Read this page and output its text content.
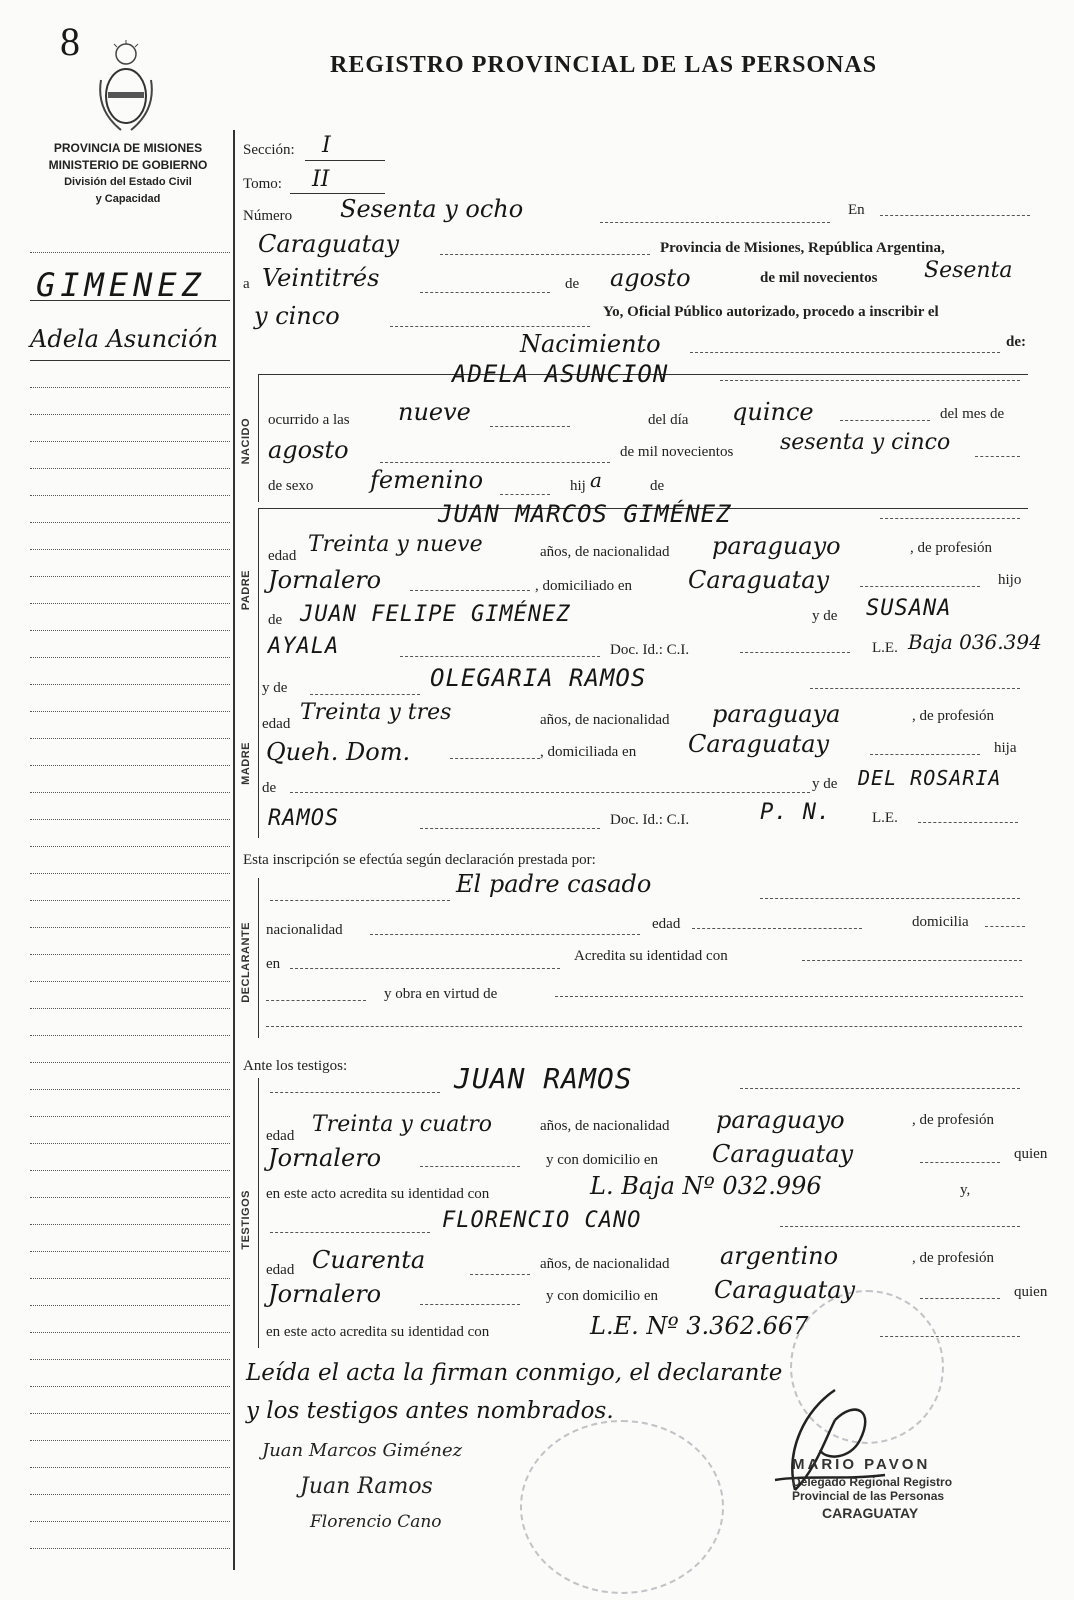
8
REGISTRO PROVINCIAL DE LAS PERSONAS
PROVINCIA DE MISIONES
MINISTERIO DE GOBIERNO
División del Estado Civil
y Capacidad
GIMENEZ
Adela Asunción
Sección: I
Tomo: II
Número Sesenta y ocho	En
Caraguatay	Provincia de Misiones, República Argentina,
a Veintitrés	de agosto	de mil novecientos Sesenta
y cinco	Yo, Oficial Público autorizado, procedo a inscribir el
Nacimiento	de:
NACIDO
ADELA ASUNCION
ocurrido a las nueve	del día quince	del mes de
agosto	de mil novecientos sesenta y cinco
de sexo femenino	hij a	de
PADRE
JUAN MARCOS GIMÉNEZ
edad Treinta y nueve	años, de nacionalidad paraguayo	, de profesión
Jornalero	, domiciliado en Caraguatay	hijo
de JUAN FELIPE GIMÉNEZ	y de SUSANA
AYALA	Doc. Id.: C.I.	L.E. Baja 036.394
MADRE
y de	OLEGARIA RAMOS
edad Treinta y tres	años, de nacionalidad paraguaya	, de profesión
Queh. Dom.	, domiciliada en Caraguatay	hija
de	y de DEL ROSARIA
RAMOS	Doc. Id.: C.I.	P. N.	L.E.
Esta inscripción se efectúa según declaración prestada por:
DECLARANTE
El padre casado
nacionalidad	edad	domicilia
en	Acredita su identidad con
y obra en virtud de
Ante los testigos:
TESTIGOS
JUAN RAMOS
edad Treinta y cuatro	años, de nacionalidad paraguayo	, de profesión
Jornalero	y con domicilio en Caraguatay	quien
en este acto acredita su identidad con	L. Baja Nº 032.996	y,
FLORENCIO CANO
edad Cuarenta	años, de nacionalidad argentino	, de profesión
Jornalero	y con domicilio en Caraguatay	quien
en este acto acredita su identidad con	L.E. Nº 3.362.667
Leída el acta la firman conmigo, el declarante
y los testigos antes nombrados.
Juan Marcos Giménez
Juan Ramos
Florencio Cano
MARIO PAVON
Delegado Regional Registro
Provincial de las Personas
CARAGUATAY
